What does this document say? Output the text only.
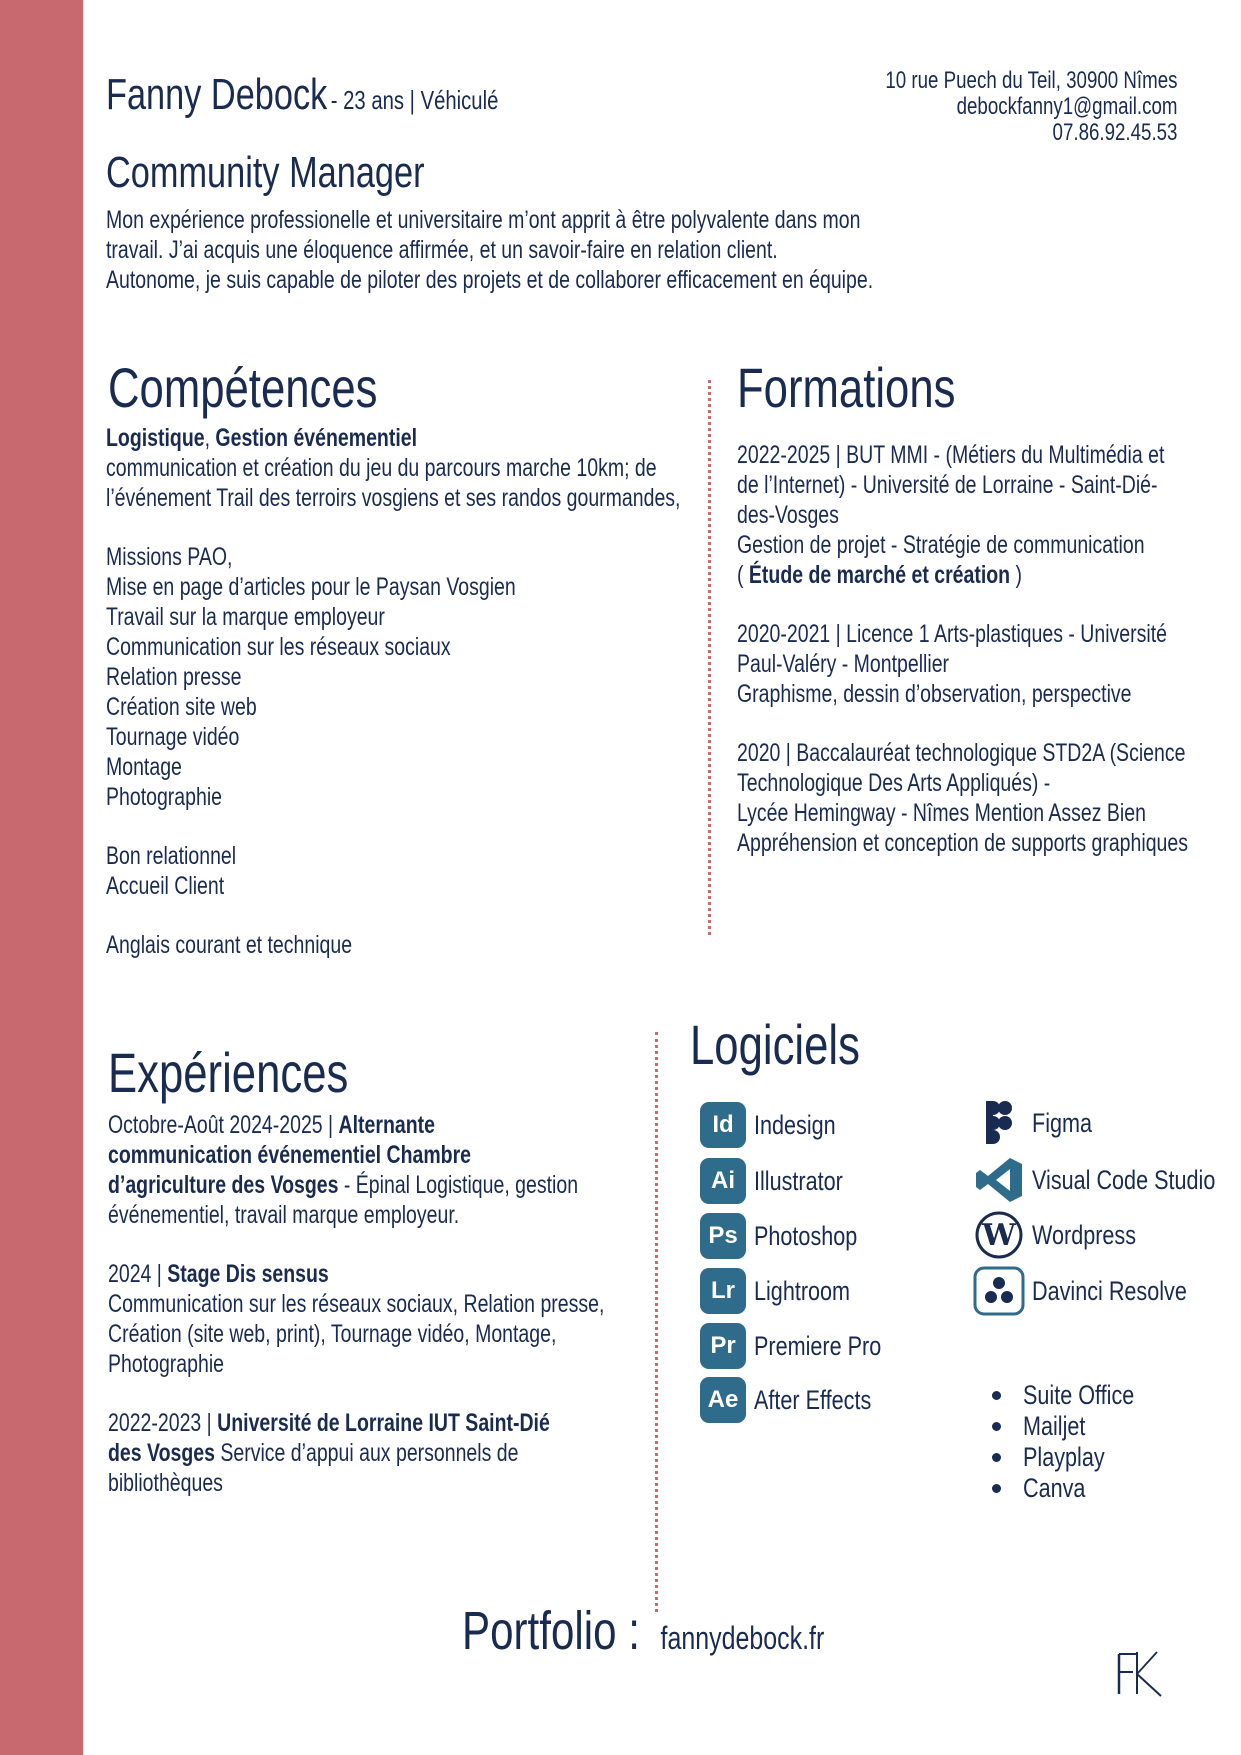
Fanny Debock - 23 ans | Véhiculé
10 rue Puech du Teil, 30900 Nîmes
debockfanny1@gmail.com
07.86.92.45.53
Community Manager
Mon expérience professionelle et universitaire m’ont apprit à être polyvalente dans mon
travail. J’ai acquis une éloquence affirmée, et un savoir-faire en relation client.
Autonome, je suis capable de piloter des projets et de collaborer efficacement en équipe.
Compétences
Logistique, Gestion événementiel
communication et création du jeu du parcours marche 10km; de
l’événement Trail des terroirs vosgiens et ses randos gourmandes,
Missions PAO,
Mise en page d’articles pour le Paysan Vosgien
Travail sur la marque employeur
Communication sur les réseaux sociaux
Relation presse
Création site web
Tournage vidéo
Montage
Photographie
Bon relationnel
Accueil Client
Anglais courant et technique
Formations
2022-2025 | BUT MMI - (Métiers du Multimédia et
de l’Internet) - Université de Lorraine - Saint-Dié-
des-Vosges
Gestion de projet - Stratégie de communication
( Étude de marché et création )
2020-2021 | Licence 1 Arts-plastiques - Université
Paul-Valéry - Montpellier
Graphisme, dessin d’observation, perspective
2020 | Baccalauréat technologique STD2A (Science
Technologique Des Arts Appliqués) -
Lycée Hemingway - Nîmes Mention Assez Bien
Appréhension et conception de supports graphiques
Expériences
Octobre-Août 2024-2025 | Alternante
communication événementiel Chambre
d’agriculture des Vosges - Épinal Logistique, gestion
événementiel, travail marque employeur.
2024 | Stage Dis sensus
Communication sur les réseaux sociaux, Relation presse,
Création (site web, print), Tournage vidéo, Montage,
Photographie
2022-2023 | Université de Lorraine IUT Saint-Dié
des Vosges Service d’appui aux personnels de
bibliothèques
Logiciels
Id Indesign
Ai Illustrator
Ps Photoshop
Lr Lightroom
Pr Premiere Pro
Ae After Effects
Figma
Visual Code Studio
W Wordpress
Davinci Resolve
Suite Office
Mailjet
Playplay
Canva
Portfolio : fannydebock.fr
